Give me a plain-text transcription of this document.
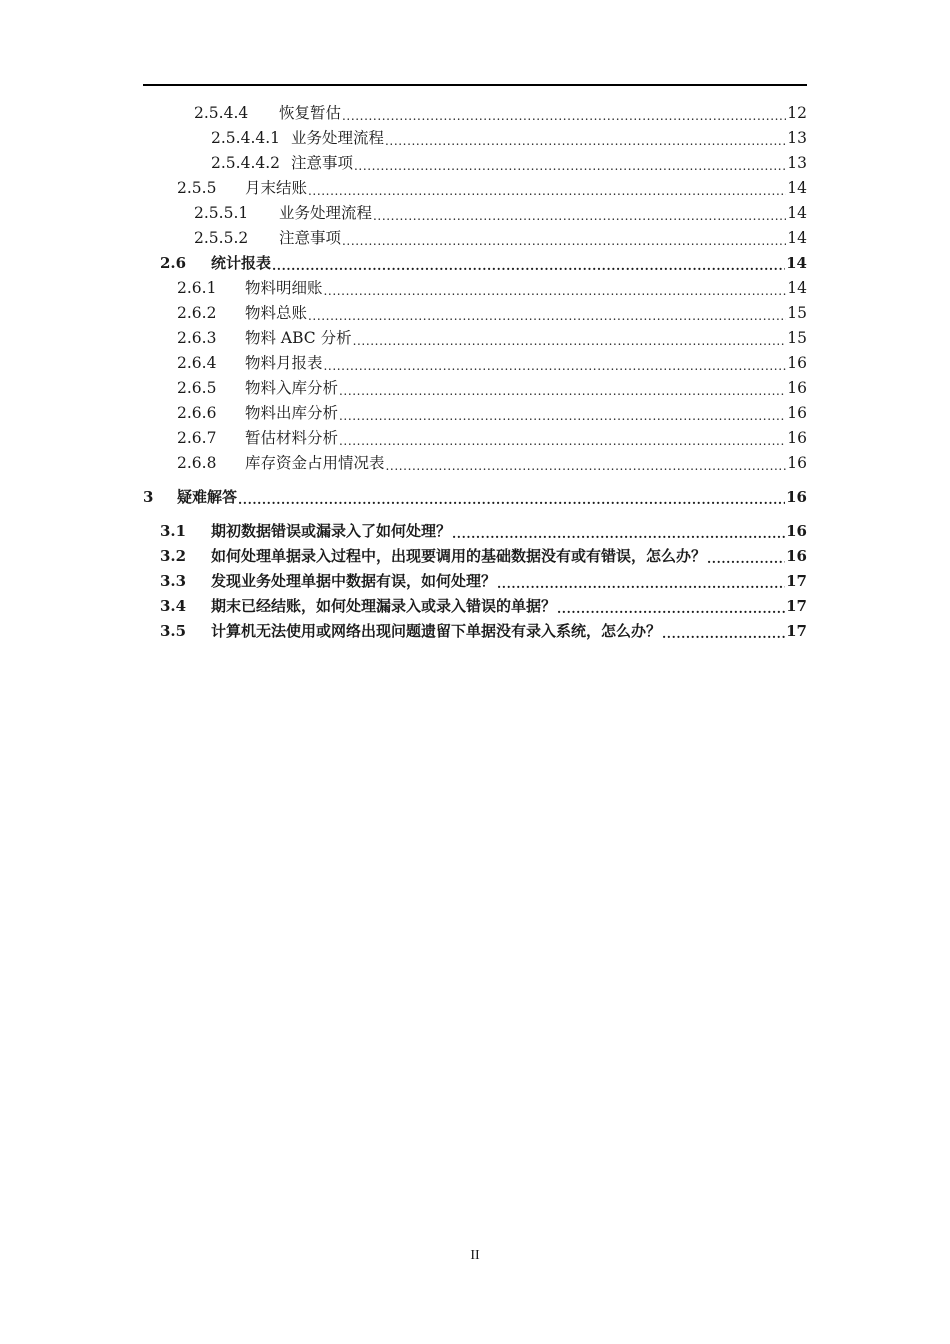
2.5.4.4	恢复暂估 .....	12
2.5.4.4.1 业务处理流程 .....	13
2.5.4.4.2 注意事项 .....	13
2.5.5	月末结账 .....	14
2.5.5.1	业务处理流程 .....	14
2.5.5.2	注意事项 .....	14
2.6	统计报表 .....	14
2.6.1	物料明细账 .....	14
2.6.2	物料总账 .....	15
2.6.3	物料 ABC 分析 .....	15
2.6.4	物料月报表 .....	16
2.6.5	物料入库分析 .....	16
2.6.6	物料出库分析 .....	16
2.6.7	暂估材料分析 .....	16
2.6.8	库存资金占用情况表 .....	16
3	疑难解答 .....	16
3.1	期初数据错误或漏录入了如何处理？ .....	16
3.2	如何处理单据录入过程中，出现要调用的基础数据没有或有错误，怎么办？ .....	16
3.3	发现业务处理单据中数据有误，如何处理？ .....	17
3.4	期末已经结账，如何处理漏录入或录入错误的单据？ .....	17
3.5	计算机无法使用或网络出现问题遗留下单据没有录入系统，怎么办？ .....	17
II
